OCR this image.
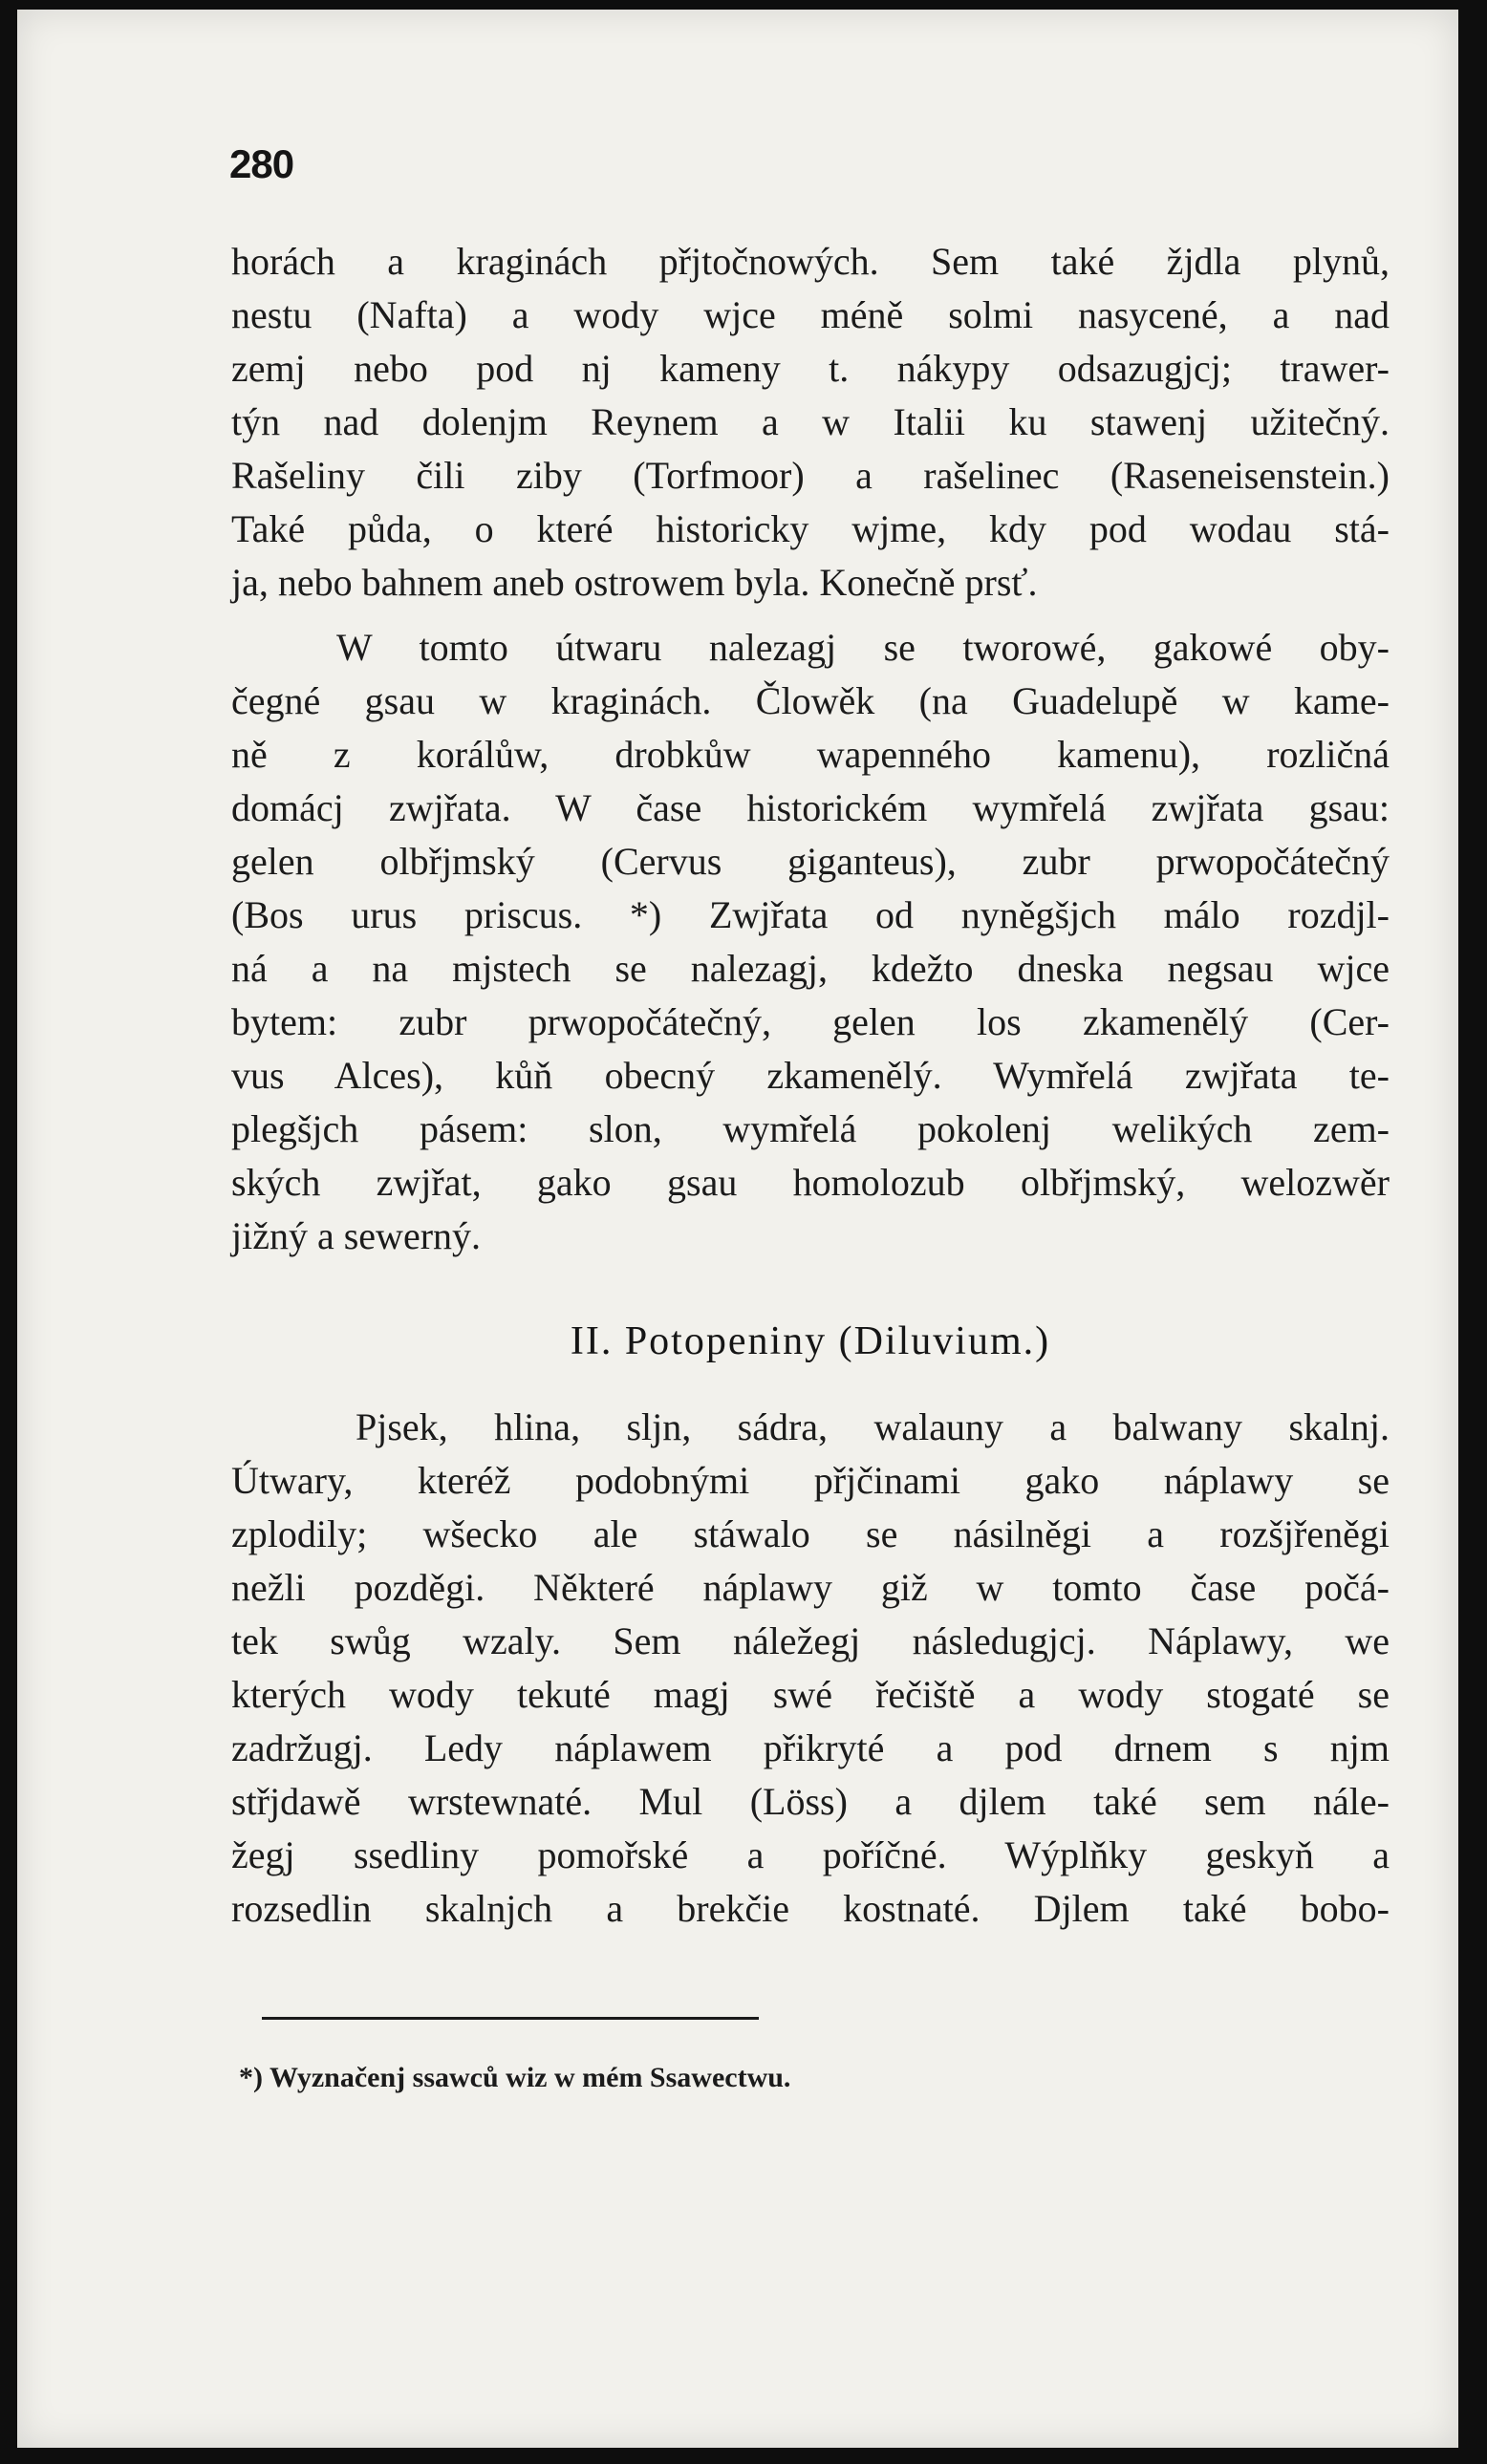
280
horách a kraginách přjtočnowých. Sem také žjdla plynů,
nestu (Nafta) a wody wjce méně solmi nasycené, a nad
zemj nebo pod nj kameny t. nákypy odsazugjcj; trawer-
týn nad dolenjm Reynem a w Italii ku stawenj užitečný.
Rašeliny čili ziby (Torfmoor) a rašelinec (Raseneisenstein.)
Také půda, o které historicky wjme, kdy pod wodau stá-
ja, nebo bahnem aneb ostrowem byla. Konečně prsť.
W tomto útwaru nalezagj se tworowé, gakowé oby-
čegné gsau w kraginách. Člowěk (na Guadelupě w kame-
ně z korálůw, drobkůw wapenného kamenu), rozličná
domácj zwjřata. W čase historickém wymřelá zwjřata gsau:
gelen olbřjmský (Cervus giganteus), zubr prwopočátečný
(Bos urus priscus. *) Zwjřata od nyněgšjch málo rozdjl-
ná a na mjstech se nalezagj, kdežto dneska negsau wjce
bytem: zubr prwopočátečný, gelen los zkamenělý (Cer-
vus Alces), kůň obecný zkamenělý. Wymřelá zwjřata te-
plegšjch pásem: slon, wymřelá pokolenj welikých zem-
ských zwjřat, gako gsau homolozub olbřjmský, welozwěr
jižný a sewerný.
II. Potopeniny (Diluvium.)
Pjsek, hlina, sljn, sádra, walauny a balwany skalnj.
Útwary, kteréž podobnými přjčinami gako náplawy se
zplodily; wšecko ale stáwalo se násilněgi a rozšjřeněgi
nežli pozděgi. Některé náplawy giž w tomto čase počá-
tek swůg wzaly. Sem náležegj následugjcj. Náplawy, we
kterých wody tekuté magj swé řečiště a wody stogaté se
zadržugj. Ledy náplawem přikryté a pod drnem s njm
střjdawě wrstewnaté. Mul (Löss) a djlem také sem nále-
žegj ssedliny pomořské a poříčné. Wýplňky geskyň a
rozsedlin skalnjch a brekčie kostnaté. Djlem také bobo-
*) Wyznačenj ssawců wiz w mém Ssawectwu.
